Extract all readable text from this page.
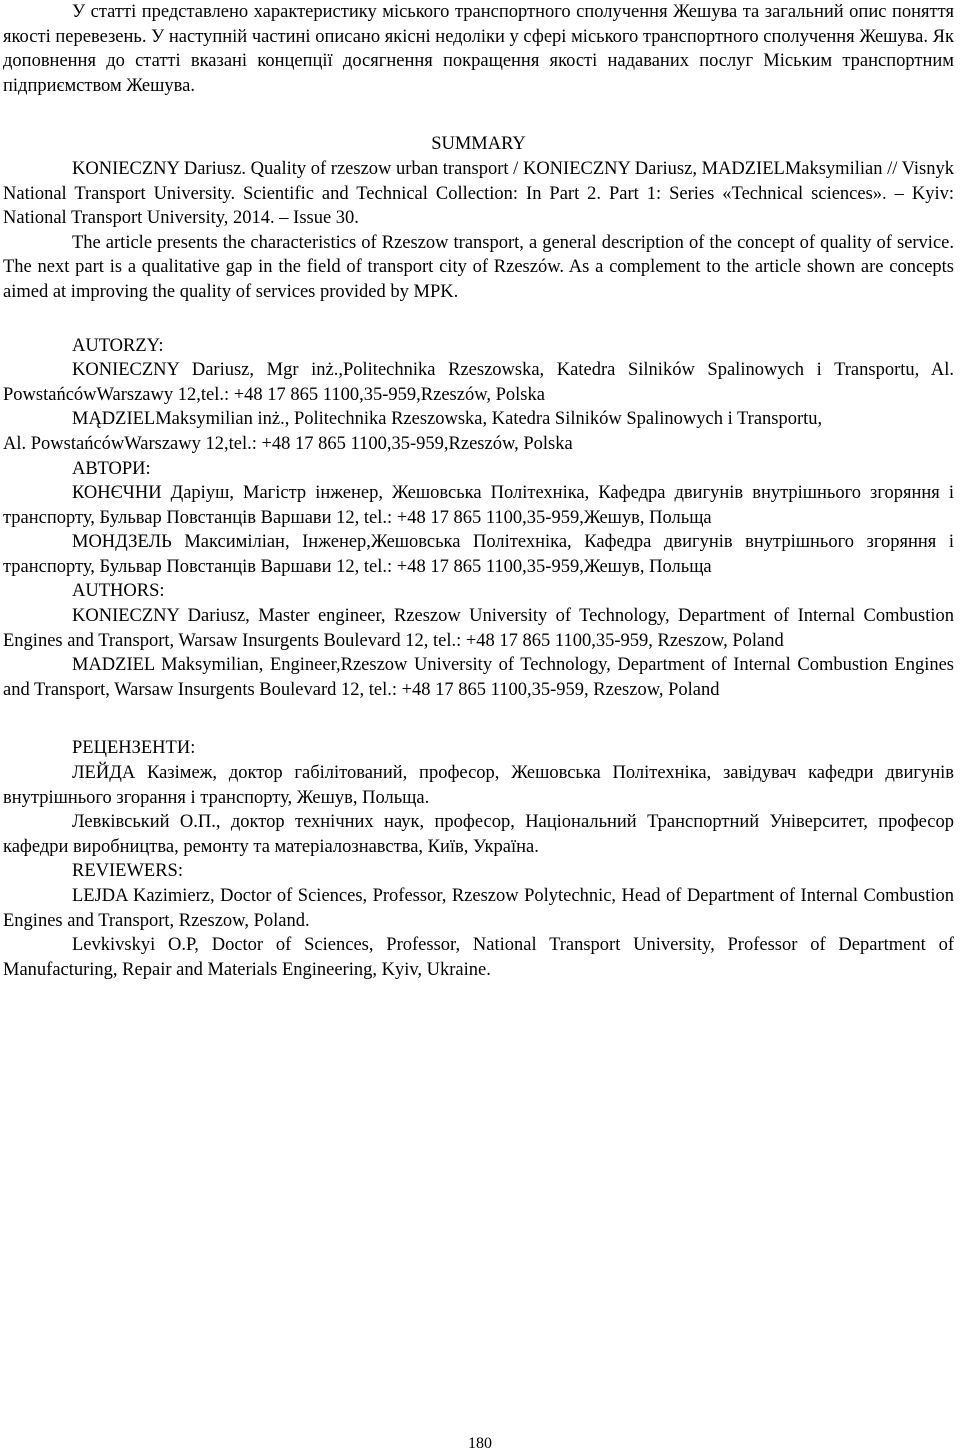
У статті представлено характеристику міського транспортного сполучення Жешува та загальний опис поняття якості перевезень. У наступній частині описано якісні недоліки у сфері міського транспортного сполучення Жешува. Як доповнення до статті вказані концепції досягнення покращення якості надаваних послуг Міським транспортним підприємством Жешува.

SUMMARY

KONIECZNY Dariusz. Quality of rzeszow urban transport / KONIECZNY Dariusz, MADZIELMaksymilian // Visnyk National Transport University. Scientific and Technical Collection: In Part 2. Part 1: Series «Technical sciences». – Kyiv: National Transport University, 2014. – Issue 30.

The article presents the characteristics of Rzeszow transport, a general description of the concept of quality of service. The next part is a qualitative gap in the field of transport city of Rzeszów. As a complement to the article shown are concepts aimed at improving the quality of services provided by MPK.

AUTORZY:

KONIECZNY Dariusz, Mgr inż.,Politechnika Rzeszowska, Katedra Silników Spalinowych i Transportu, Al. PowstańcówWarszawy 12,tel.: +48 17 865 1100,35-959,Rzeszów, Polska

MĄDZIELMaksymilian inż., Politechnika Rzeszowska, Katedra Silników Spalinowych i Transportu,

Al. PowstańcówWarszawy 12,tel.: +48 17 865 1100,35-959,Rzeszów, Polska

АВТОРИ:

КОНЄЧНИ Даріуш, Магістр інженер, Жешовська Політехніка, Кафедра двигунів внутрішнього згоряння і транспорту, Бульвар Повстанців Варшави 12, tel.: +48 17 865 1100,35-959,Жешув, Польща

МОНДЗЕЛЬ Максиміліан, Інженер,Жешовська Політехніка, Кафедра двигунів внутрішнього згоряння і транспорту, Бульвар Повстанців Варшави 12, tel.: +48 17 865 1100,35-959,Жешув, Польща

AUTHORS:

KONIECZNY Dariusz, Master engineer, Rzeszow University of Technology, Department of Internal Combustion Engines and Transport, Warsaw Insurgents Boulevard 12, tel.: +48 17 865 1100,35-959, Rzeszow, Poland

MADZIEL Maksymilian, Engineer,Rzeszow University of Technology, Department of Internal Combustion Engines and Transport, Warsaw Insurgents Boulevard 12, tel.: +48 17 865 1100,35-959, Rzeszow, Poland

РЕЦЕНЗЕНТИ:

ЛЕЙДА Казімеж, доктор габілітований, професор, Жешовська Політехніка, завідувач кафедри двигунів внутрішнього згорання і транспорту, Жешув, Польща.

Левківський О.П., доктор технічних наук, професор, Національний Транспортний Університет, професор кафедри виробництва, ремонту та матеріалознавства, Київ, Україна.

REVIEWERS:

LEJDA Kazimierz, Doctor of Sciences, Professor, Rzeszow Polytechnic, Head of Department of Internal Combustion Engines and Transport, Rzeszow, Poland.

Levkivskyi O.P, Doctor of Sciences, Professor, National Transport University, Professor of Department of Manufacturing, Repair and Materials Engineering, Kyiv, Ukraine.

180
